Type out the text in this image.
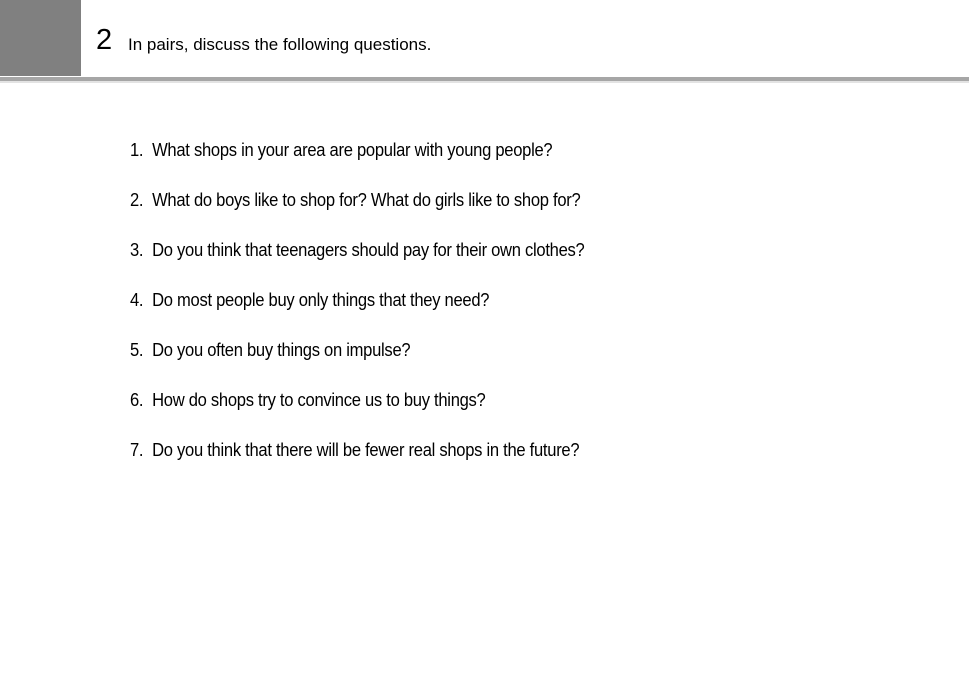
2 In pairs, discuss the following questions.
1. What shops in your area are popular with young people?
2. What do boys like to shop for? What do girls like to shop for?
3. Do you think that teenagers should pay for their own clothes?
4. Do most people buy only things that they need?
5. Do you often buy things on impulse?
6. How do shops try to convince us to buy things?
7. Do you think that there will be fewer real shops in the future?
